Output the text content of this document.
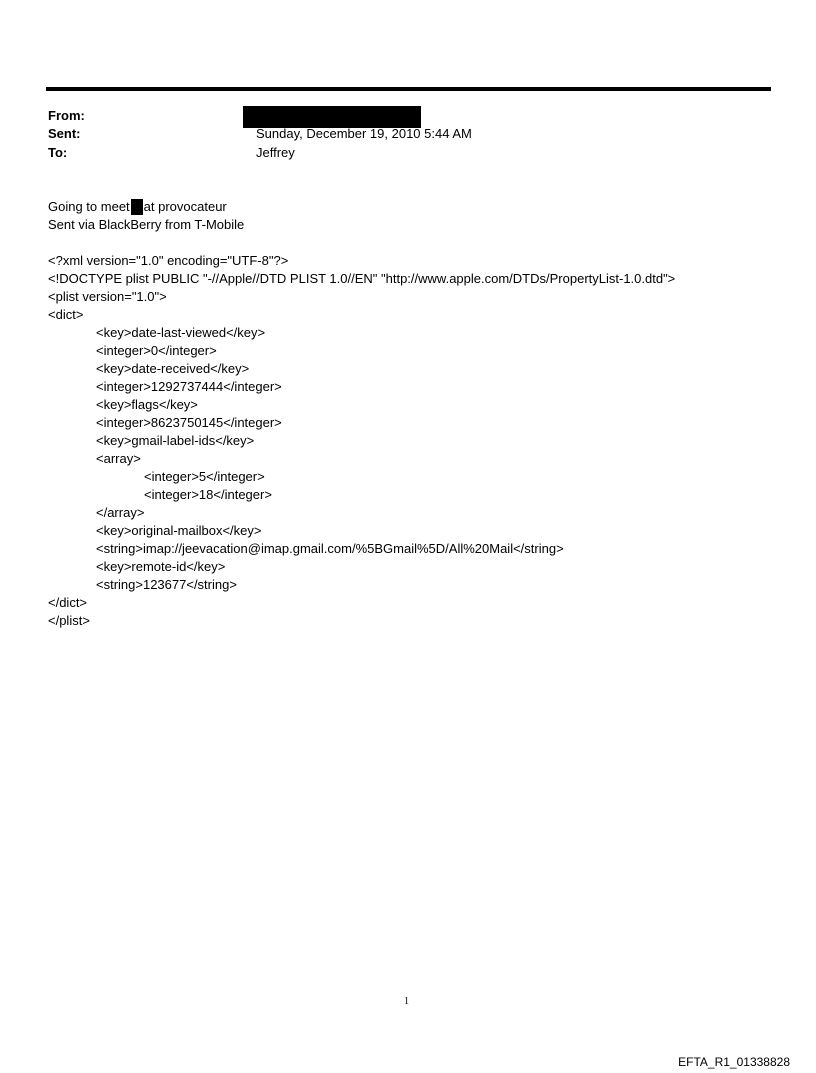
From:
Sent:	Sunday, December 19, 2010 5:44 AM
To:	Jeffrey
Going to meet at provocateur
Sent via BlackBerry from T-Mobile
<?xml version="1.0" encoding="UTF-8"?>
<!DOCTYPE plist PUBLIC "-//Apple//DTD PLIST 1.0//EN" "http://www.apple.com/DTDs/PropertyList-1.0.dtd">
<plist version="1.0">
<dict>
<key>date-last-viewed</key>
<integer>0</integer>
<key>date-received</key>
<integer>1292737444</integer>
<key>flags</key>
<integer>8623750145</integer>
<key>gmail-label-ids</key>
<array>
<integer>5</integer>
<integer>18</integer>
</array>
<key>original-mailbox</key>
<string>imap://jeevacation@imap.gmail.com/%5BGmail%5D/All%20Mail</string>
<key>remote-id</key>
<string>123677</string>
</dict>
</plist>
1
EFTA_R1_01338828
